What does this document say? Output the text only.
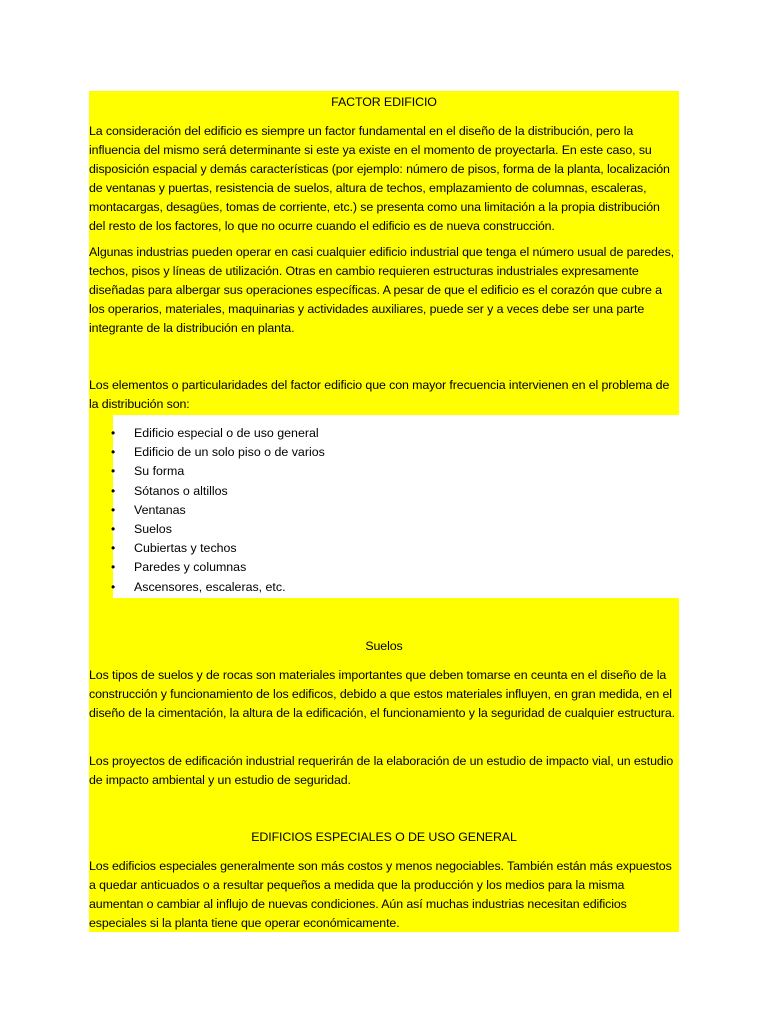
FACTOR EDIFICIO
La consideración del edificio es siempre un factor fundamental en el diseño de la distribución, pero la influencia del mismo será determinante si este ya existe en el momento de proyectarla. En este caso, su disposición espacial y demás características (por ejemplo: número de pisos, forma de la planta, localización de ventanas y puertas, resistencia de suelos, altura de techos, emplazamiento de columnas, escaleras, montacargas, desagües, tomas de corriente, etc.) se presenta como una limitación a la propia distribución del resto de los factores, lo que no ocurre cuando el edificio es de nueva construcción.
Algunas industrias pueden operar en casi cualquier edificio industrial que tenga el número usual de paredes, techos, pisos y líneas de utilización. Otras en cambio requieren estructuras industriales expresamente diseñadas para albergar sus operaciones específicas. A pesar de que el edificio es el corazón que cubre a los operarios, materiales, maquinarias y actividades auxiliares, puede ser y a veces debe ser una parte integrante de la distribución en planta.
Los elementos o particularidades del factor edificio que con mayor frecuencia intervienen en el problema de la distribución son:
• Edificio especial o de uso general
• Edificio de un solo piso o de varios
• Su forma
• Sótanos o altillos
• Ventanas
• Suelos
• Cubiertas y techos
• Paredes y columnas
• Ascensores, escaleras, etc.
Suelos
Los tipos de suelos y de rocas son materiales importantes que deben tomarse en ceunta en el diseño de la construcción y funcionamiento de los edificos, debido a que estos materiales influyen, en gran medida, en el diseño de la cimentación, la altura de la edificación, el funcionamiento y la seguridad de cualquier estructura.
Los proyectos de edificación industrial requerirán de la elaboración de un estudio de impacto vial, un estudio de impacto ambiental y un estudio de seguridad.
EDIFICIOS ESPECIALES O DE USO GENERAL
Los edificios especiales generalmente son más costos y menos negociables. También están más expuestos a quedar anticuados o a resultar pequeños a medida que la producción y los medios para la misma aumentan o cambiar al influjo de nuevas condiciones. Aún así muchas industrias necesitan edificios especiales si la planta tiene que operar económicamente.
